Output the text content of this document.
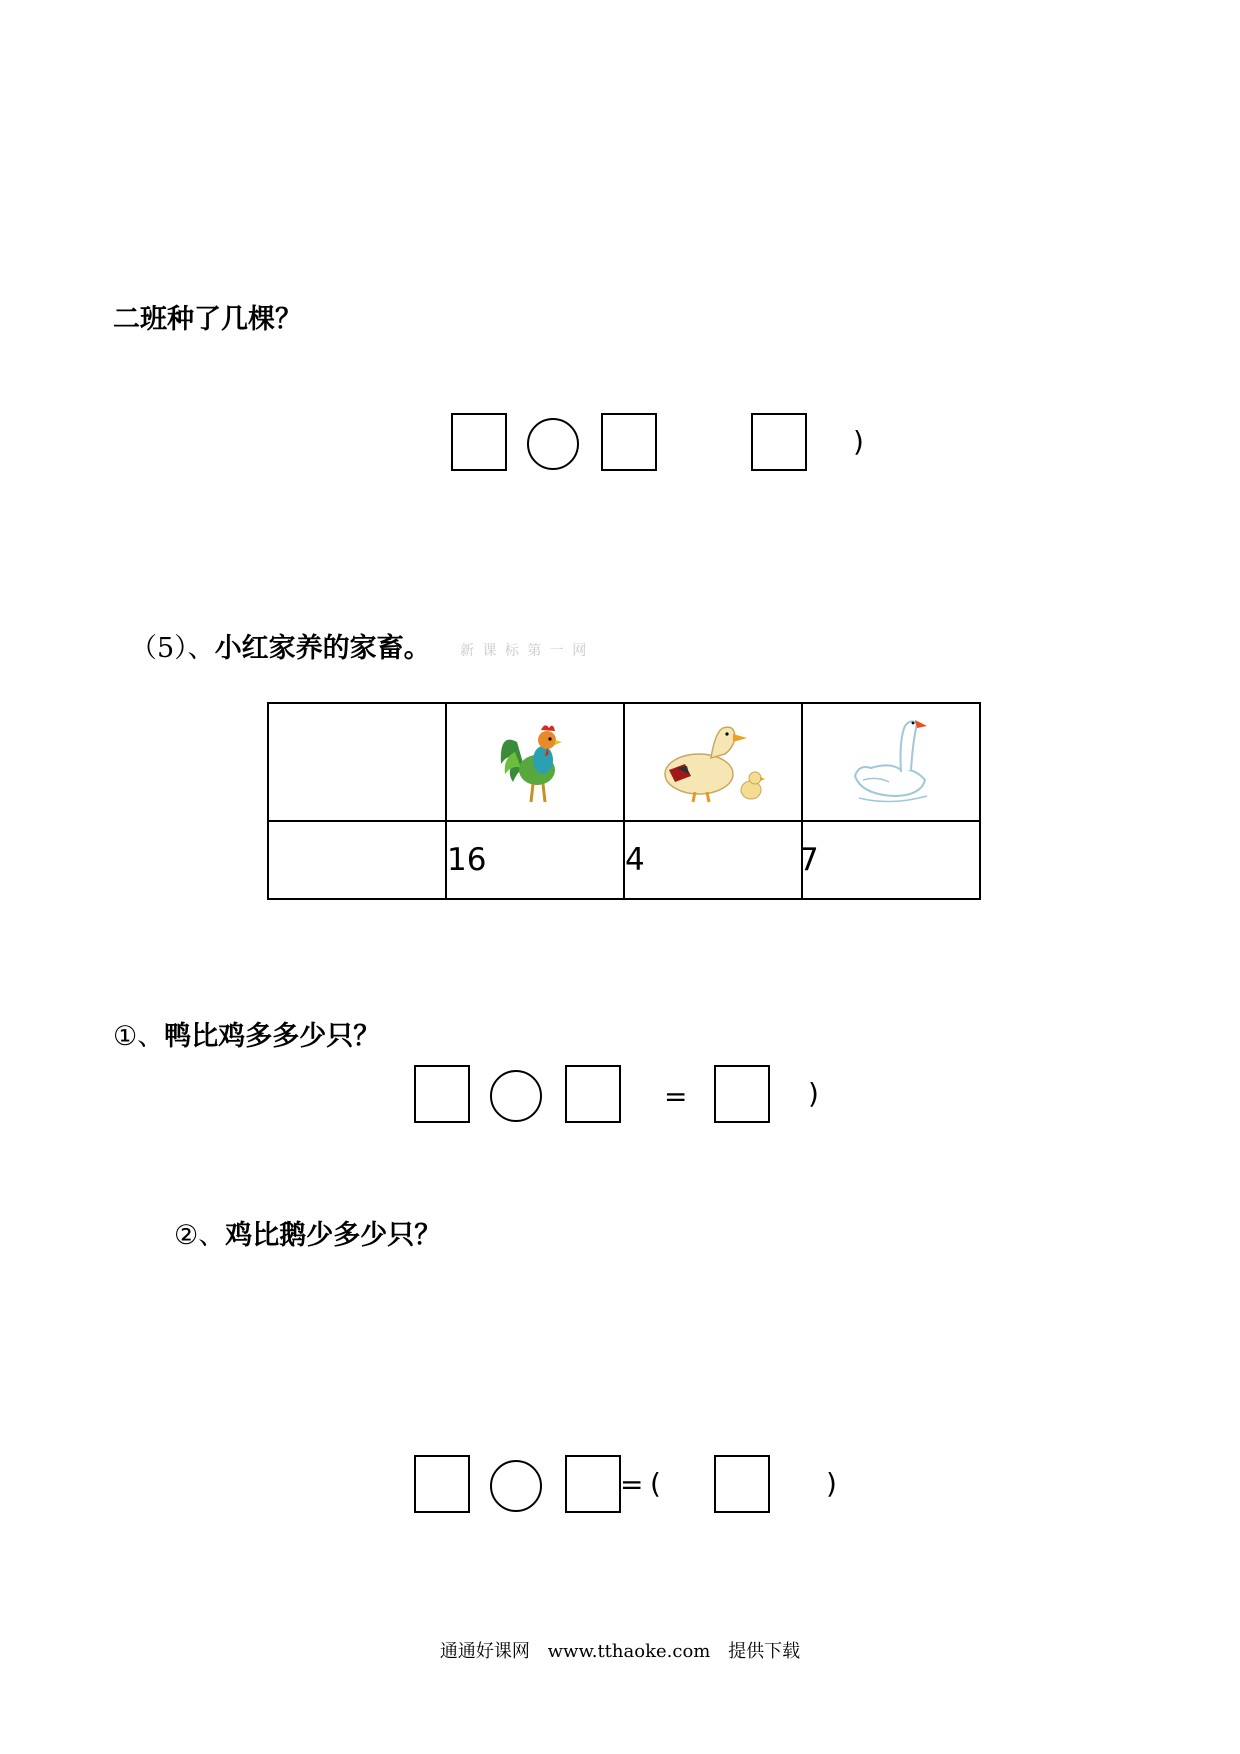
二班种了几棵？
)
（5）、小红家养的家畜。 新 课 标 第 一 网

	16	4	7
①、鸭比鸡多多少只？
=	)
②、鸡比鹅少多少只？
= (	)
通通好课网 www.tthaoke.com 提供下载
